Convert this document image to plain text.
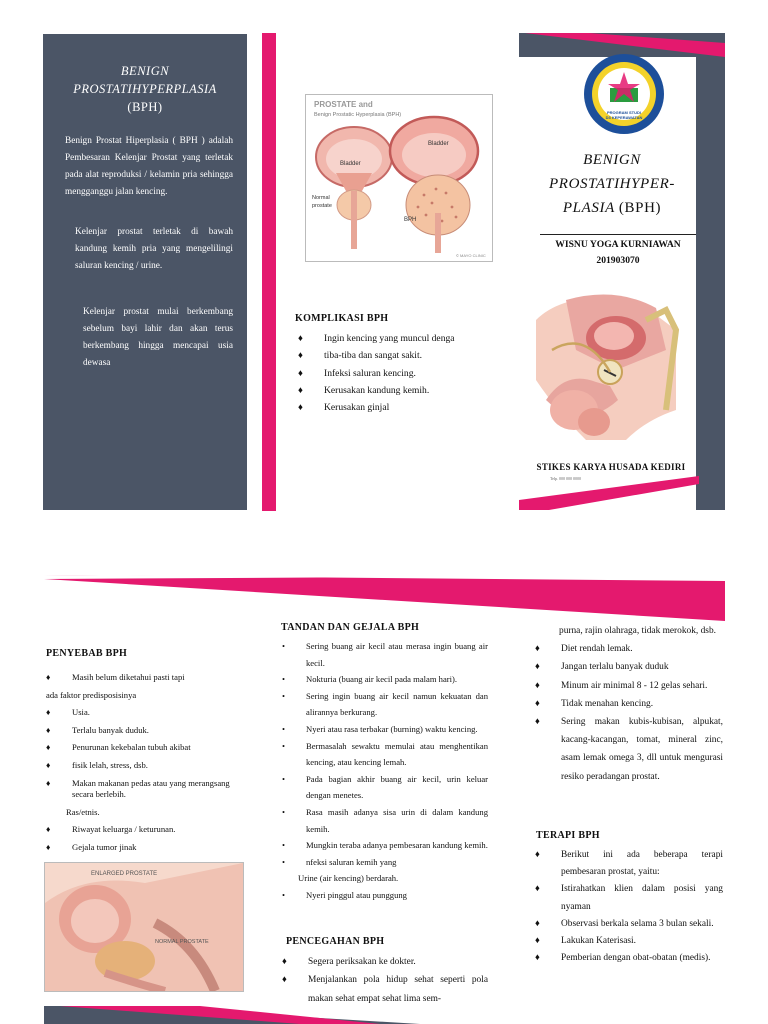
BENIGN
PROSTATIHYPERPLASIA
(BPH)
Benign Prostat Hiperplasia ( BPH ) adalah Pembesaran Kelenjar Prostat yang terletak pada alat reproduksi / kelamin pria sehingga mengganggu jalan kencing.
Kelenjar prostat terletak di bawah kandung kemih pria yang mengelilingi saluran kencing / urine.
Kelenjar prostat mulai berkembang sebelum bayi lahir dan akan terus berkembang hingga mencapai usia dewasa
PROSTATE and
Benign Prostatic Hyperplasia (BPH)
Bladder
Bladder
Normal
prostate
BPH
© MAYO CLINIC
KOMPLIKASI BPH
♦ Ingin kencing yang muncul denga
♦ tiba-tiba dan sangat sakit.
♦ Infeksi saluran kencing.
♦ Kerusakan kandung kemih.
♦ Kerusakan ginjal
PROGRAM STUDI
D3 KEPERAWATAN
BENIGN
PROSTATIHYPER-
PLASIA (BPH)
WISNU YOGA KURNIAWAN
201903070
STIKES KARYA HUSADA KEDIRI
Telp. 000 000 0000
PENYEBAB BPH
♦	Masih belum diketahui pasti tapi
ada faktor predisposisinya
♦	Usia.
♦	Terlalu banyak duduk.
♦	Penurunan kekebalan tubuh akibat
♦	fisik lelah, stress, dsb.
♦	Makan makanan pedas atau yang merangsang secara berlebih.
Ras/etnis.
♦	Riwayat keluarga / keturunan.
♦	Gejala tumor jinak
ENLARGED PROSTATE
NORMAL PROSTATE
TANDAN DAN GEJALA BPH
• Sering buang air kecil atau merasa ingin buang air kecil.
• Nokturia (buang air kecil pada malam hari).
• Sering ingin buang air kecil namun kekuatan dan alirannya berkurang.
• Nyeri atau rasa terbakar (burning) waktu kencing.
• Bermasalah sewaktu memulai atau menghentikan kencing, atau kencing lemah.
• Pada bagian akhir buang air kecil, urin keluar dengan menetes.
• Rasa masih adanya sisa urin di dalam kandung kemih.
• Mungkin teraba adanya pembesaran kandung kemih.
• nfeksi saluran kemih yang
Urine (air kencing) berdarah.
• Nyeri pinggul atau punggung
PENCEGAHAN BPH
♦ Segera periksakan ke dokter.
♦ Menjalankan pola hidup sehat seperti pola makan sehat empat sehat lima sem-
purna, rajin olahraga, tidak merokok, dsb.
♦ Diet rendah lemak.
♦ Jangan terlalu banyak duduk
♦ Minum air minimal 8 - 12 gelas sehari.
♦ Tidak menahan kencing.
♦ Sering makan kubis-kubisan, alpukat, kacang-kacangan, tomat, mineral zinc, asam lemak omega 3, dll untuk mengurasi resiko peradangan prostat.
TERAPI BPH
♦ Berikut ini ada beberapa terapi pembesaran prostat, yaitu:
♦ Istirahatkan klien dalam posisi yang nyaman
♦ Observasi berkala selama 3 bulan sekali.
♦ Lakukan Katerisasi.
♦ Pemberian dengan obat-obatan (medis).
